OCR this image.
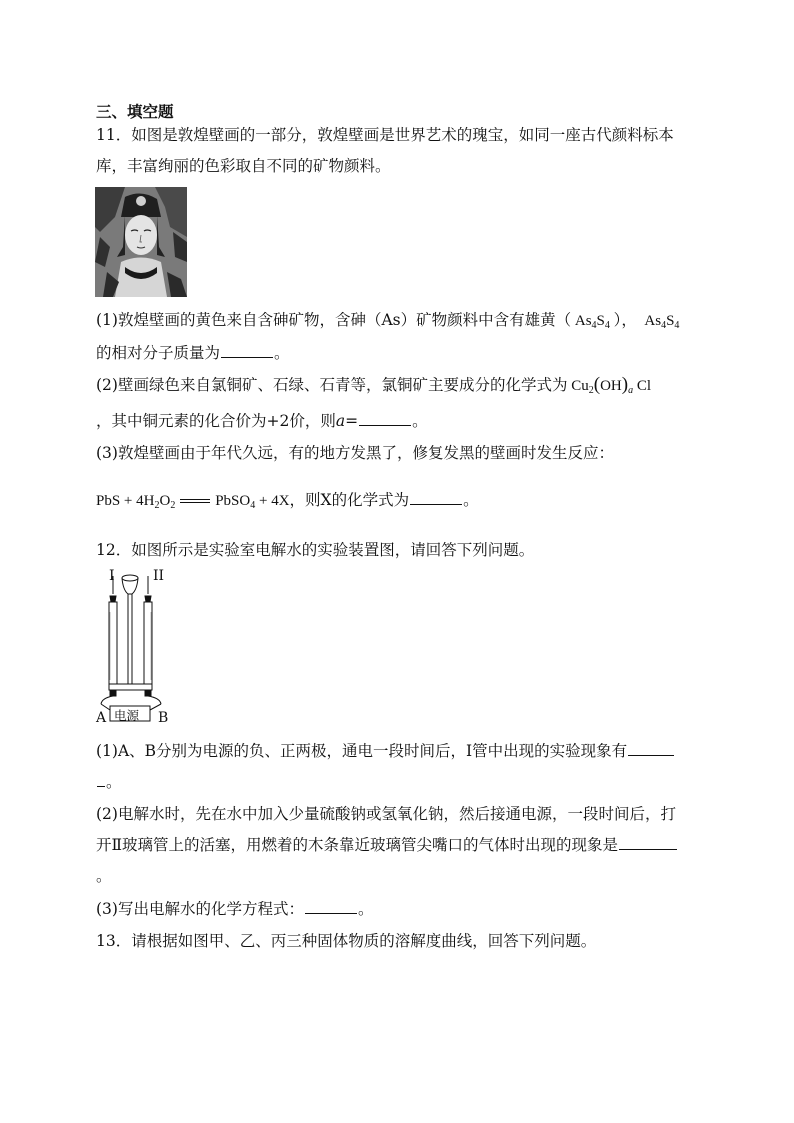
三、填空题
11．如图是敦煌壁画的一部分，敦煌壁画是世界艺术的瑰宝，如同一座古代颜料标本
库，丰富绚丽的色彩取自不同的矿物颜料。
(1)敦煌壁画的黄色来自含砷矿物，含砷（As）矿物颜料中含有雄黄（ $As_4S_4$ ），  $As_4S_4$
的相对分子质量为	。
(2)壁画绿色来自氯铜矿、石绿、石青等，氯铜矿主要成分的化学式为 $Cu_2(OH)_a$ Cl
，其中铜元素的化合价为+2价，则a=	。
(3)敦煌壁画由于年代久远，有的地方发黑了，修复发黑的壁画时发生反应：
PbS + $4H_2O_2$	PbSO$_4$ + 4X，则X的化学式为	。
12．如图所示是实验室电解水的实验装置图，请回答下列问题。
I	II
电源
A	B
(1)A、B分别为电源的负、正两极，通电一段时间后，Ⅰ管中出现的实验现象有
。
(2)电解水时，先在水中加入少量硫酸钠或氢氧化钠，然后接通电源，一段时间后，打
开Ⅱ玻璃管上的活塞，用燃着的木条靠近玻璃管尖嘴口的气体时出现的现象是
。
(3)写出电解水的化学方程式：	。
13．请根据如图甲、乙、丙三种固体物质的溶解度曲线，回答下列问题。
